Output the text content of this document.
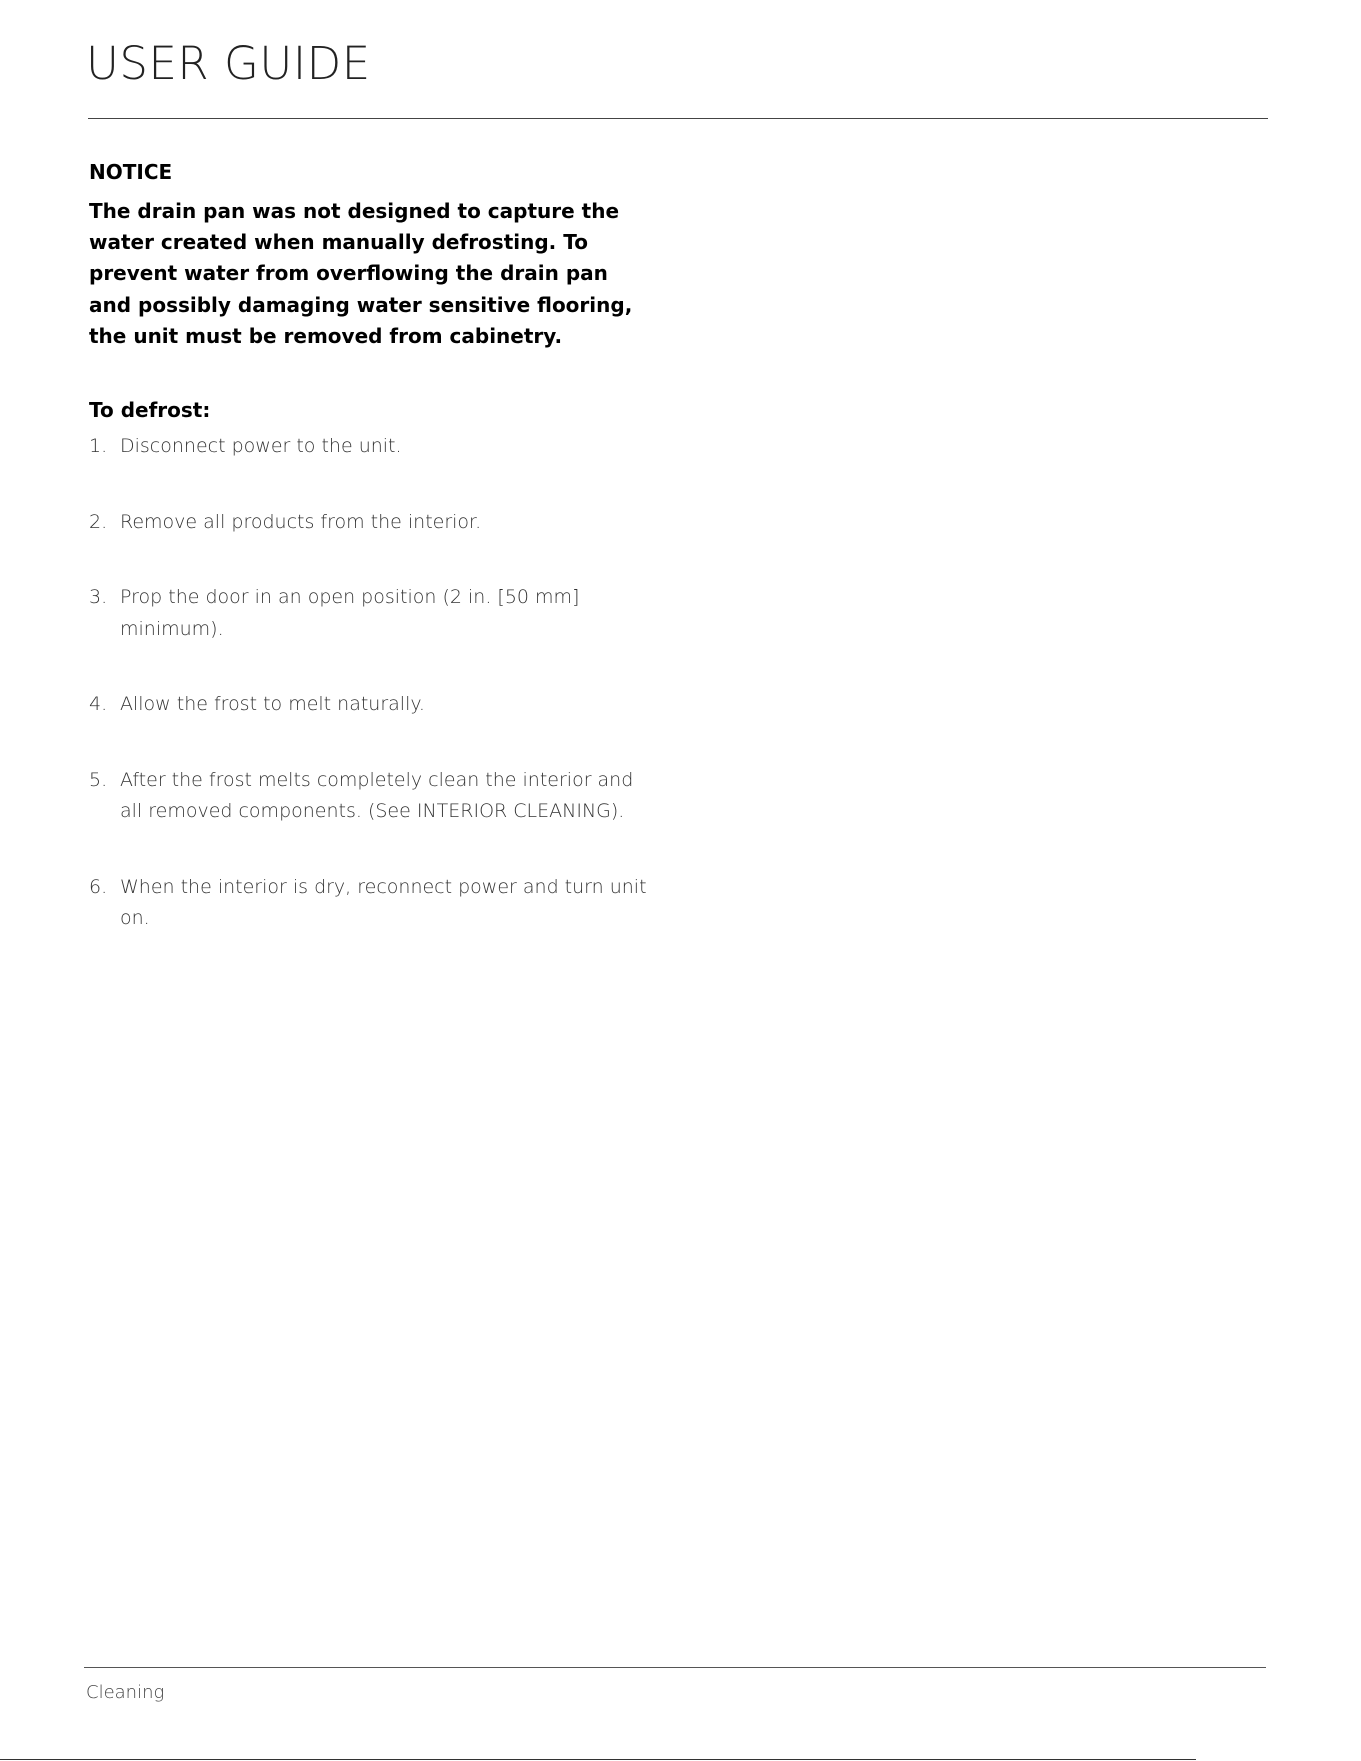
USER GUIDE

NOTICE

The drain pan was not designed to capture the water created when manually defrosting. To prevent water from overflowing the drain pan and possibly damaging water sensitive flooring, the unit must be removed from cabinetry.

To defrost:

1. Disconnect power to the unit.
2. Remove all products from the interior.
3. Prop the door in an open position (2 in. [50 mm] minimum).
4. Allow the frost to melt naturally.
5. After the frost melts completely clean the interior and all removed components. (See INTERIOR CLEANING).
6. When the interior is dry, reconnect power and turn unit on.

Cleaning
